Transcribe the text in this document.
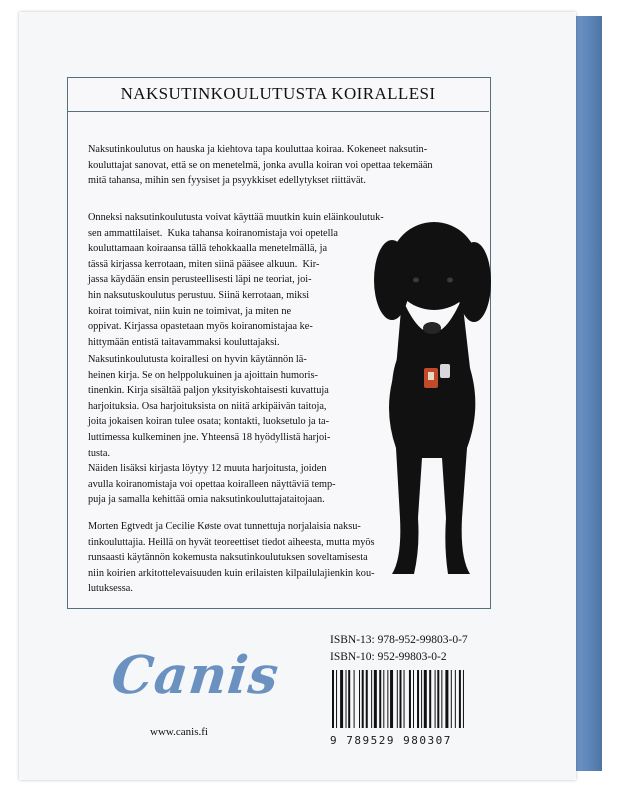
NAKSUTINKOULUTUSTA KOIRALLESI
Naksutinkoulutus on hauska ja kiehtova tapa kouluttaa koiraa. Kokeneet naksutin-
kouluttajat sanovat, että se on menetelmä, jonka avulla koiran voi opettaa tekemään
mitä tahansa, mihin sen fyysiset ja psyykkiset edellytykset riittävät.
Onneksi naksutinkoulutusta voivat käyttää muutkin kuin eläinkoulutuk-
sen ammattilaiset.  Kuka tahansa koiranomistaja voi opetella
kouluttamaan koiraansa tällä tehokkaalla menetelmällä, ja
tässä kirjassa kerrotaan, miten siinä pääsee alkuun.  Kir-
jassa käydään ensin perusteellisesti läpi ne teoriat, joi-
hin naksutuskoulutus perustuu. Siinä kerrotaan, miksi
koirat toimivat, niin kuin ne toimivat, ja miten ne
oppivat. Kirjassa opastetaan myös koiranomistajaa ke-
hittymään entistä taitavammaksi kouluttajaksi.
Naksutinkoulutusta koirallesi on hyvin käytännön lä-
heinen kirja. Se on helppolukuinen ja ajoittain humoris-
tinenkin. Kirja sisältää paljon yksityiskohtaisesti kuvattuja
harjoituksia. Osa harjoituksista on niitä arkipäivän taitoja,
joita jokaisen koiran tulee osata; kontakti, luoksetulo ja ta-
luttimessa kulkeminen jne. Yhteensä 18 hyödyllistä harjoi-
tusta.
Näiden lisäksi kirjasta löytyy 12 muuta harjoitusta, joiden
avulla koiranomistaja voi opettaa koiralleen näyttäviä temp-
puja ja samalla kehittää omia naksutinkouluttajataitojaan.
Morten Egtvedt ja Cecilie Køste ovat tunnettuja norjalaisia naksu-
tinkouluttajia. Heillä on hyvät teoreettiset tiedot aiheesta, mutta myös
runsaasti käytännön kokemusta naksutinkoulutuksen soveltamisesta
niin koirien arkitottelevaisuuden kuin erilaisten kilpailulajienkin kou-
lutuksessa.
ISBN-13: 978-952-99803-0-7
ISBN-10: 952-99803-0-2
9 789529 980307
Canis
www.canis.fi
